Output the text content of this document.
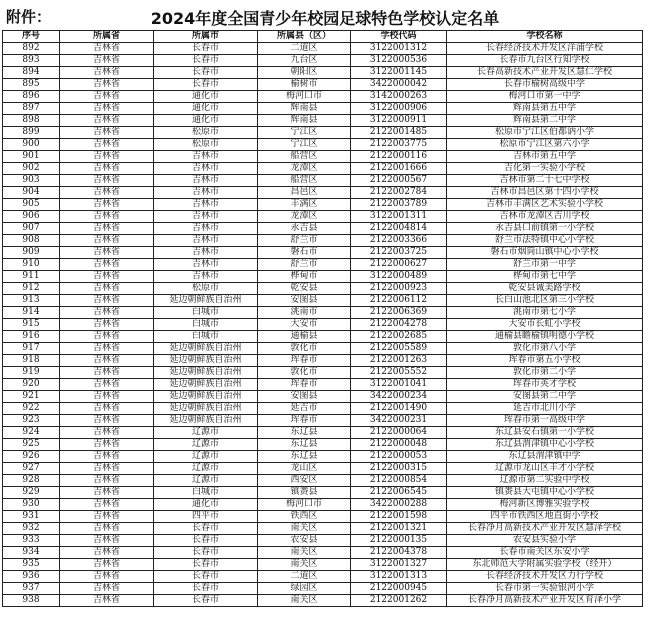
附件：	2024年度全国青少年校园足球特色学校认定名单
序号	所属省	所属市	所属县（区）	学校代码	学校名称
892	吉林省	长春市	二道区	3122001312	长春经济技术开发区洋浦学校
893	吉林省	长春市	九台区	3122000536	长春市九台区行知学校
894	吉林省	长春市	朝阳区	3122001145	长春高新技术产业开发区慧仁学校
895	吉林省	长春市	榆树市	3422000042	长春市榆树高级中学
896	吉林省	通化市	梅河口市	3142000263	梅河口市第一中学
897	吉林省	通化市	辉南县	3122000906	辉南县第五中学
898	吉林省	通化市	辉南县	3122000911	辉南县第二中学
899	吉林省	松原市	宁江区	2122001485	松原市宁江区伯都讷小学
900	吉林省	松原市	宁江区	2122003775	松原市宁江区第六小学
901	吉林省	吉林市	船营区	2122000116	吉林市第五中学
902	吉林省	吉林市	龙潭区	2122001666	吉化第一实验小学校
903	吉林省	吉林市	船营区	2122000567	吉林市第二十七中学校
904	吉林省	吉林市	昌邑区	2122002784	吉林市昌邑区第十四小学校
905	吉林省	吉林市	丰满区	2122003789	吉林市丰满区艺术实验小学校
906	吉林省	吉林市	龙潭区	3122001311	吉林市龙潭区吉川学校
907	吉林省	吉林市	永吉县	2122004814	永吉县口前镇第一小学校
908	吉林省	吉林市	舒兰市	2122003366	舒兰市法特镇中心小学校
909	吉林省	吉林市	磐石市	2122003725	磐石市烟筒山镇中心小学校
910	吉林省	吉林市	舒兰市	2122000627	舒兰市第一中学
911	吉林省	吉林市	桦甸市	3122000489	桦甸市第七中学
912	吉林省	松原市	乾安县	2122000923	乾安县诚美路学校
913	吉林省	延边朝鲜族自治州	安图县	2122006112	长白山池北区第三小学校
914	吉林省	白城市	洮南市	2122006369	洮南市第七小学
915	吉林省	白城市	大安市	2122004278	大安市长虹小学校
916	吉林省	白城市	通榆县	2122002685	通榆县瞻榆镇明德小学校
917	吉林省	延边朝鲜族自治州	敦化市	2122005589	敦化市第八小学
918	吉林省	延边朝鲜族自治州	珲春市	2122001263	珲春市第五小学校
919	吉林省	延边朝鲜族自治州	敦化市	2122005552	敦化市第二小学
920	吉林省	延边朝鲜族自治州	珲春市	3122001041	珲春市英才学校
921	吉林省	延边朝鲜族自治州	安图县	3422000234	安图县第二中学
922	吉林省	延边朝鲜族自治州	延吉市	2122001490	延吉市北川小学
923	吉林省	延边朝鲜族自治州	珲春市	3422000231	珲春市第一高级中学
924	吉林省	辽源市	东辽县	2122000064	东辽县安石镇第一小学校
925	吉林省	辽源市	东辽县	2122000048	东辽县渭津镇中心小学校
926	吉林省	辽源市	东辽县	2122000053	东辽县渭津镇中学
927	吉林省	辽源市	龙山区	2122000315	辽源市龙山区丰才小学校
928	吉林省	辽源市	西安区	2122000854	辽源市第二实验中学校
929	吉林省	白城市	镇赉县	2122006545	镇赉县大屯镇中心小学校
930	吉林省	通化市	梅河口市	3422000288	梅河新区博雅实验学校
931	吉林省	四平市	铁西区	2122001598	四平市铁西区地直街小学校
932	吉林省	长春市	南关区	2122001321	长春净月高新技术产业开发区慧泽学校
933	吉林省	长春市	农安县	2122000135	农安县实验小学
934	吉林省	长春市	南关区	2122004378	长春市南关区东安小学
935	吉林省	长春市	南关区	3122001327	东北师范大学附属实验学校（经开）
936	吉林省	长春市	二道区	3122001313	长春经济技术开发区力行学校
937	吉林省	长春市	绿园区	2122000945	长春市第一实验银河小学
938	吉林省	长春市	南关区	2122001262	长春净月高新技术产业开发区育泽小学
